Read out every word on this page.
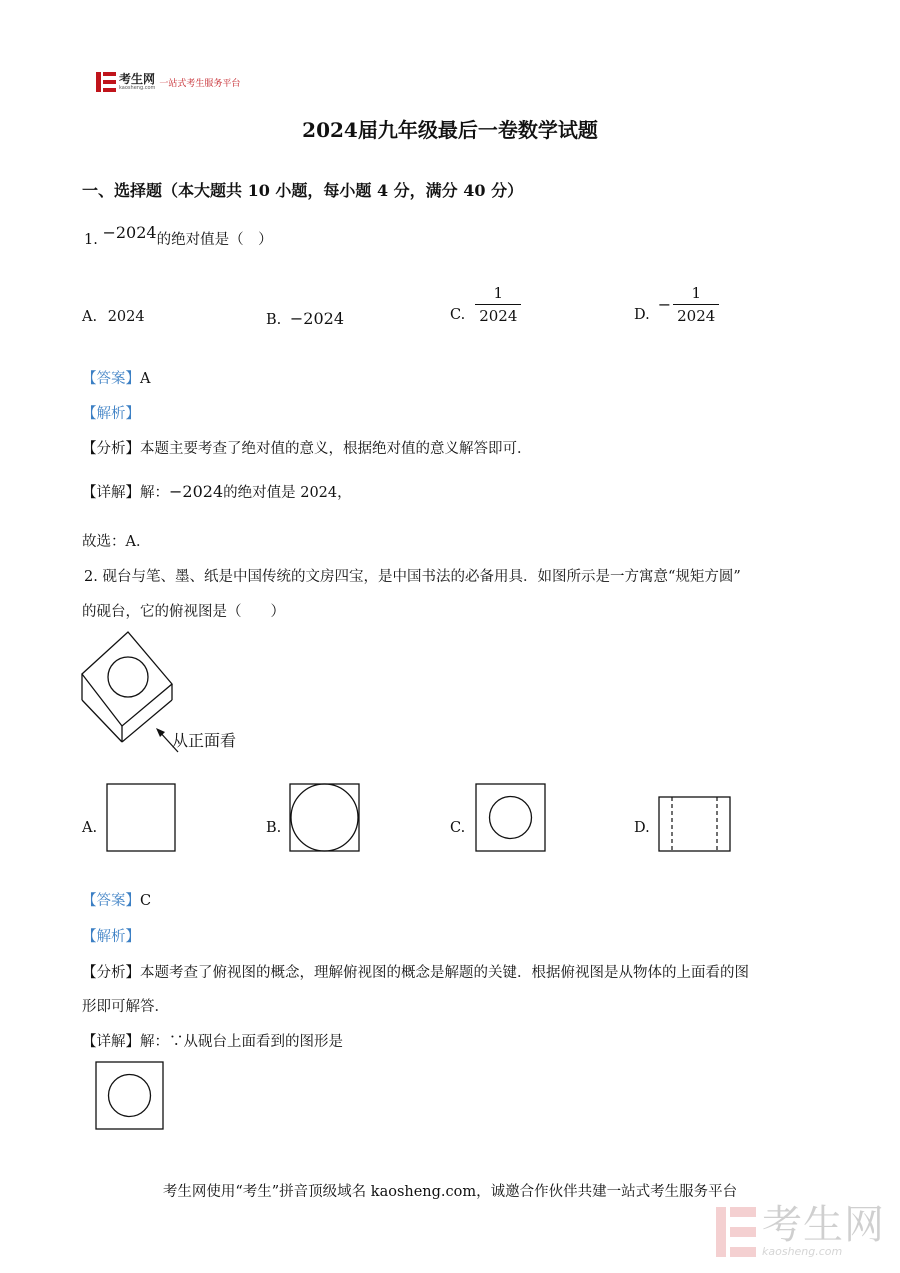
考生网
kaosheng.com 一站式考生服务平台
2024届九年级最后一卷数学试题
一、选择题（本大题共 10 小题，每小题 4 分，满分 40 分）
1. −2024的绝对值是（　）
A. 2024	B. −2024	C. $\frac{1}{2024}$	D.
− $\frac{1}{2024}$
【答案】A
【解析】
【分析】本题主要考查了绝对值的意义，根据绝对值的意义解答即可．
【详解】解：−2024的绝对值是 2024，
故选：A．
2. 砚台与笔、墨、纸是中国传统的文房四宝，是中国书法的必备用具．如图所示是一方寓意“规矩方圆”
的砚台，它的俯视图是（　　）
从正面看
A.	B.	C.	D.
【答案】C
【解析】
【分析】本题考查了俯视图的概念，理解俯视图的概念是解题的关键．根据俯视图是从物体的上面看的图
形即可解答．
【详解】解：∵从砚台上面看到的图形是
考生网使用“考生”拼音顶级域名 kaosheng.com，诚邀合作伙伴共建一站式考生服务平台
考生网
kaosheng.com
